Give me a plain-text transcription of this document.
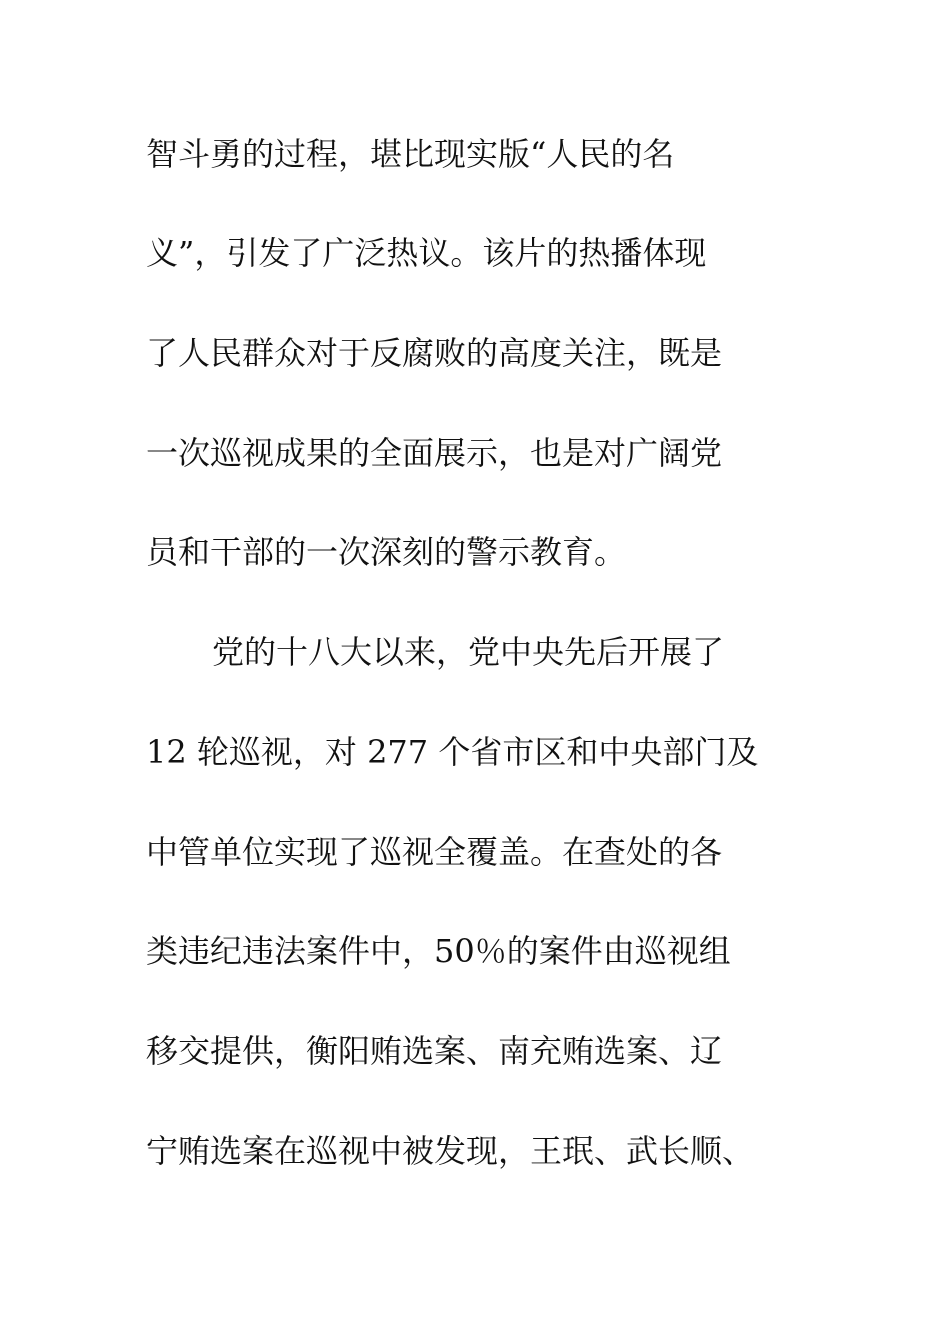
智斗勇的过程，堪比现实版“人民的名
义”，引发了广泛热议。该片的热播体现
了人民群众对于反腐败的高度关注，既是
一次巡视成果的全面展示，也是对广阔党
员和干部的一次深刻的警示教育。
党的十八大以来，党中央先后开展了
12 轮巡视，对 277 个省市区和中央部门及
中管单位实现了巡视全覆盖。在查处的各
类违纪违法案件中，50％的案件由巡视组
移交提供，衡阳贿选案、南充贿选案、辽
宁贿选案在巡视中被发现，王珉、武长顺、
